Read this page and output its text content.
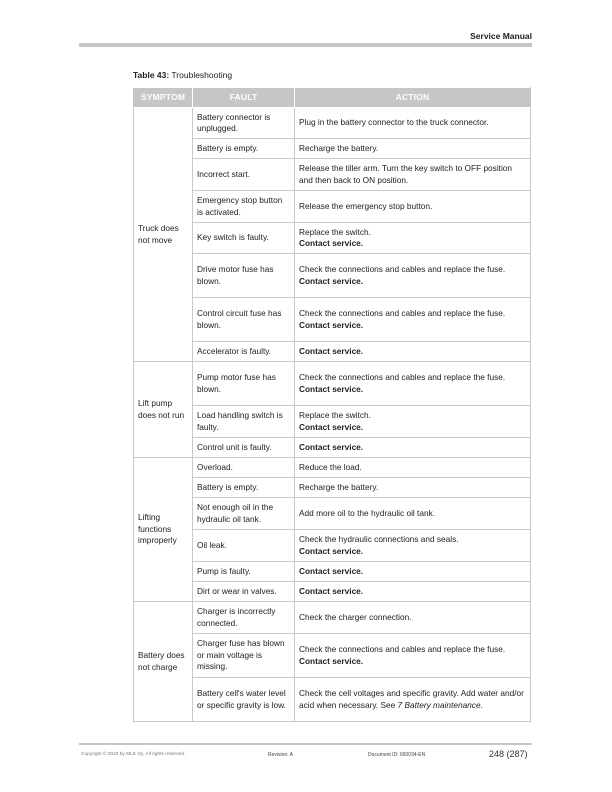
Service Manual
Table 43: Troubleshooting
SYMPTOM	FAULT	ACTION
Truck does not move	Battery connector is unplugged.	Plug in the battery connector to the truck connector.

	Battery is empty.	Recharge the battery.

	Incorrect start.	Release the tiller arm. Turn the key switch to OFF position and then back to ON position.

	Emergency stop button is activated.	Release the emergency stop button.

	Key switch is faulty.	Replace the switch.
Contact service.

	Drive motor fuse has blown.	Check the connections and cables and replace the fuse.
Contact service.

	Control circuit fuse has blown.	Check the connections and cables and replace the fuse.
Contact service.

	Accelerator is faulty.	Contact service.

Lift pump does not run	Pump motor fuse has blown.	Check the connections and cables and replace the fuse.
Contact service.

	Load handling switch is faulty.	Replace the switch.
Contact service.

	Control unit is faulty.	Contact service.

Lifting functions improperly	Overload.	Reduce the load.

	Battery is empty.	Recharge the battery.

	Not enough oil in the hydraulic oil tank.	Add more oil to the hydraulic oil tank.

	Oil leak.	Check the hydraulic connections and seals.
Contact service.

	Pump is faulty.	Contact service.

	Dirt or wear in valves.	Contact service.

Battery does not charge	Charger is incorrectly connected.	Check the charger connection.

	Charger fuse has blown or main voltage is missing.	Check the connections and cables and replace the fuse.
Contact service.

	Battery cell's water level or specific gravity is low.	Check the cell voltages and specific gravity. Add water and/or acid when necessary. See 7 Battery maintenance.
Copyright © 2022 by MLE Oy. All rights reserved.	Revision: A	Document ID: 660034-EN	248 (287)
